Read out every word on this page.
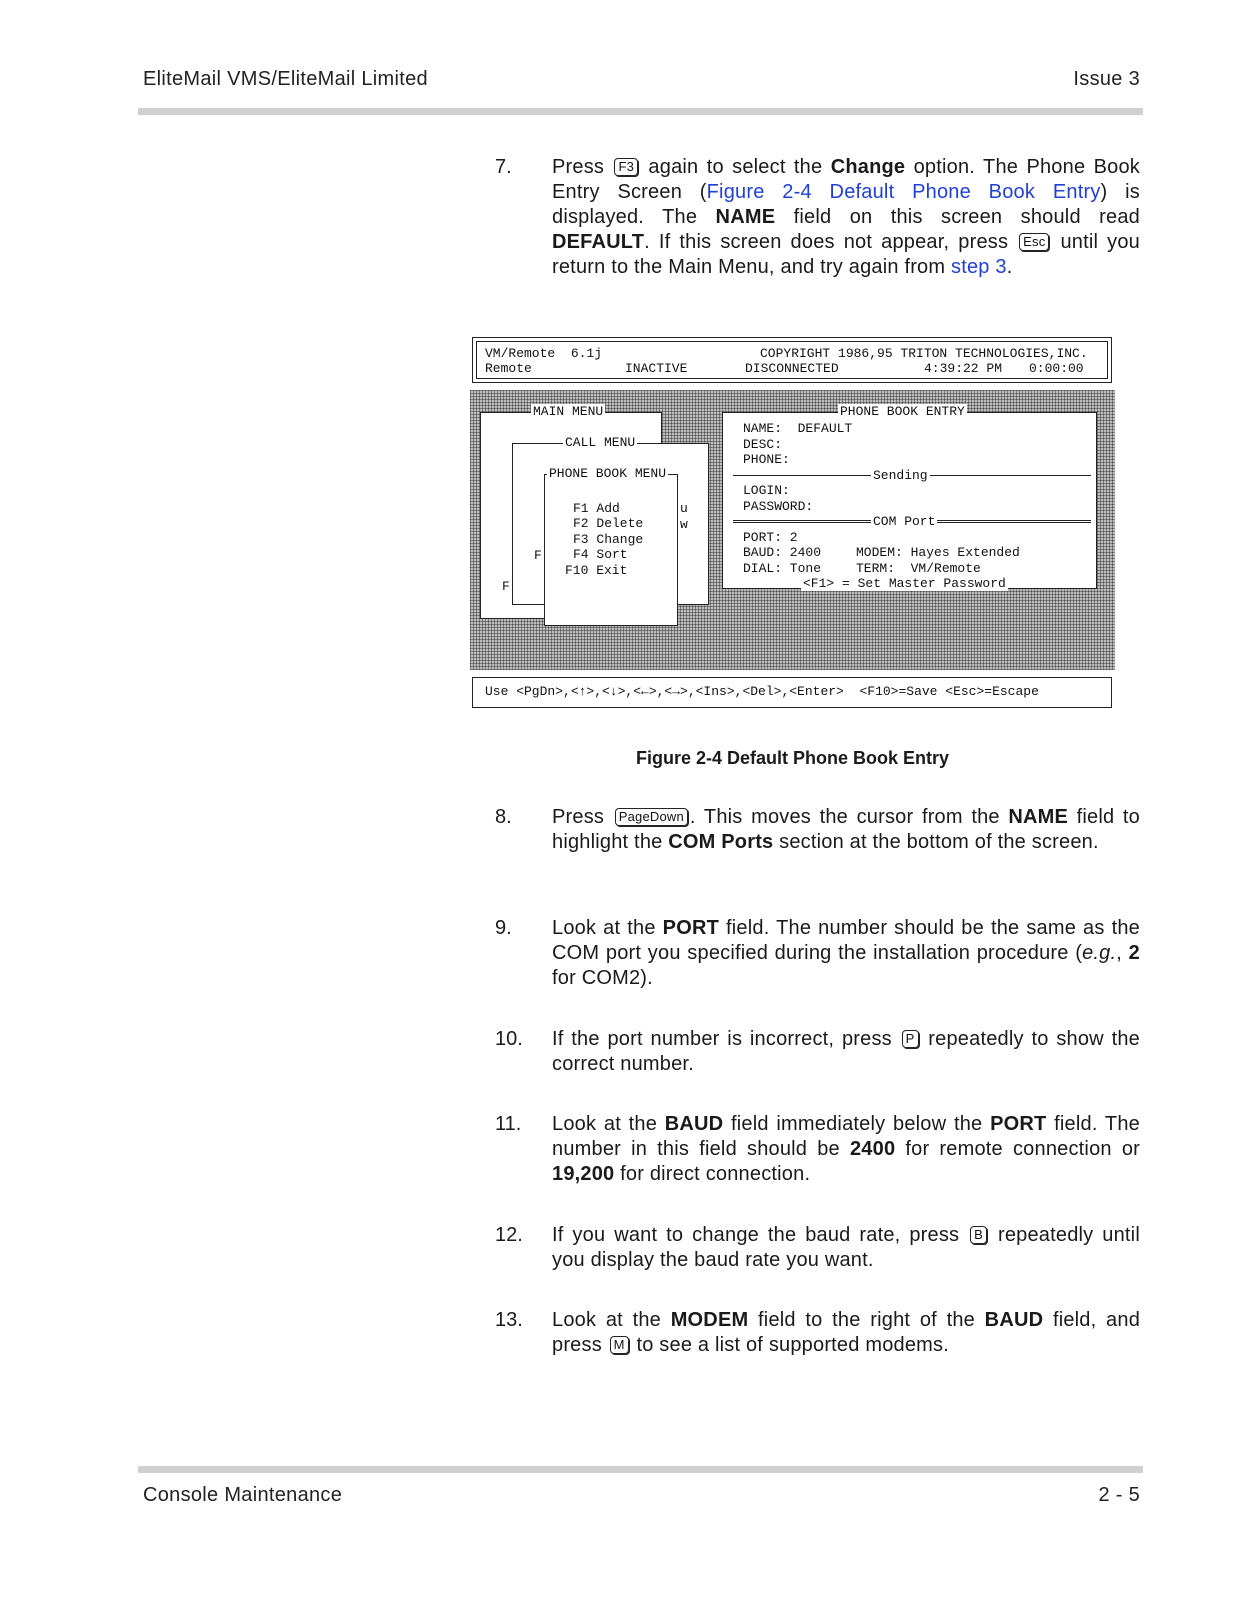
EliteMail VMS/EliteMail Limited	Issue 3
7. Press F3 again to select the Change option. The Phone Book Entry Screen (Figure 2-4 Default Phone Book Entry) is displayed. The NAME field on this screen should read DEFAULT. If this screen does not appear, press Esc until you return to the Main Menu, and try again from step 3.
VM/Remote  6.1j	COPYRIGHT 1986,95 TRITON TECHNOLOGIES,INC.
Remote	INACTIVE	DISCONNECTED	4:39:22 PM 0:00:00
MAIN MENU
CALL MENU
PHONE BOOK MENU
F1 Add
F2 Delete
F3 Change
F4 Sort
F10 Exit
u
w
F
F
PHONE BOOK ENTRY
NAME:  DEFAULT
DESC:
PHONE:
Sending
LOGIN:
PASSWORD:
COM Port
PORT: 2
BAUD: 2400	MODEM: Hayes Extended
DIAL: Tone	TERM:  VM/Remote
<F1> = Set Master Password
Use <PgDn>,<↑>,<↓>,<←>,<→>,<Ins>,<Del>,<Enter>  <F10>=Save <Esc>=Escape
Figure 2-4 Default Phone Book Entry
8. Press PageDown . This moves the cursor from the NAME field to highlight the COM Ports section at the bottom of the screen.
9. Look at the PORT field. The number should be the same as the COM port you specified during the installation procedure (e.g., 2 for COM2).
10. If the port number is incorrect, press P repeatedly to show the correct number.
11. Look at the BAUD field immediately below the PORT field. The number in this field should be 2400 for remote connection or 19,200 for direct connection.
12. If you want to change the baud rate, press B repeatedly until you display the baud rate you want.
13. Look at the MODEM field to the right of the BAUD field, and press M to see a list of supported modems.
Console Maintenance	2 - 5
